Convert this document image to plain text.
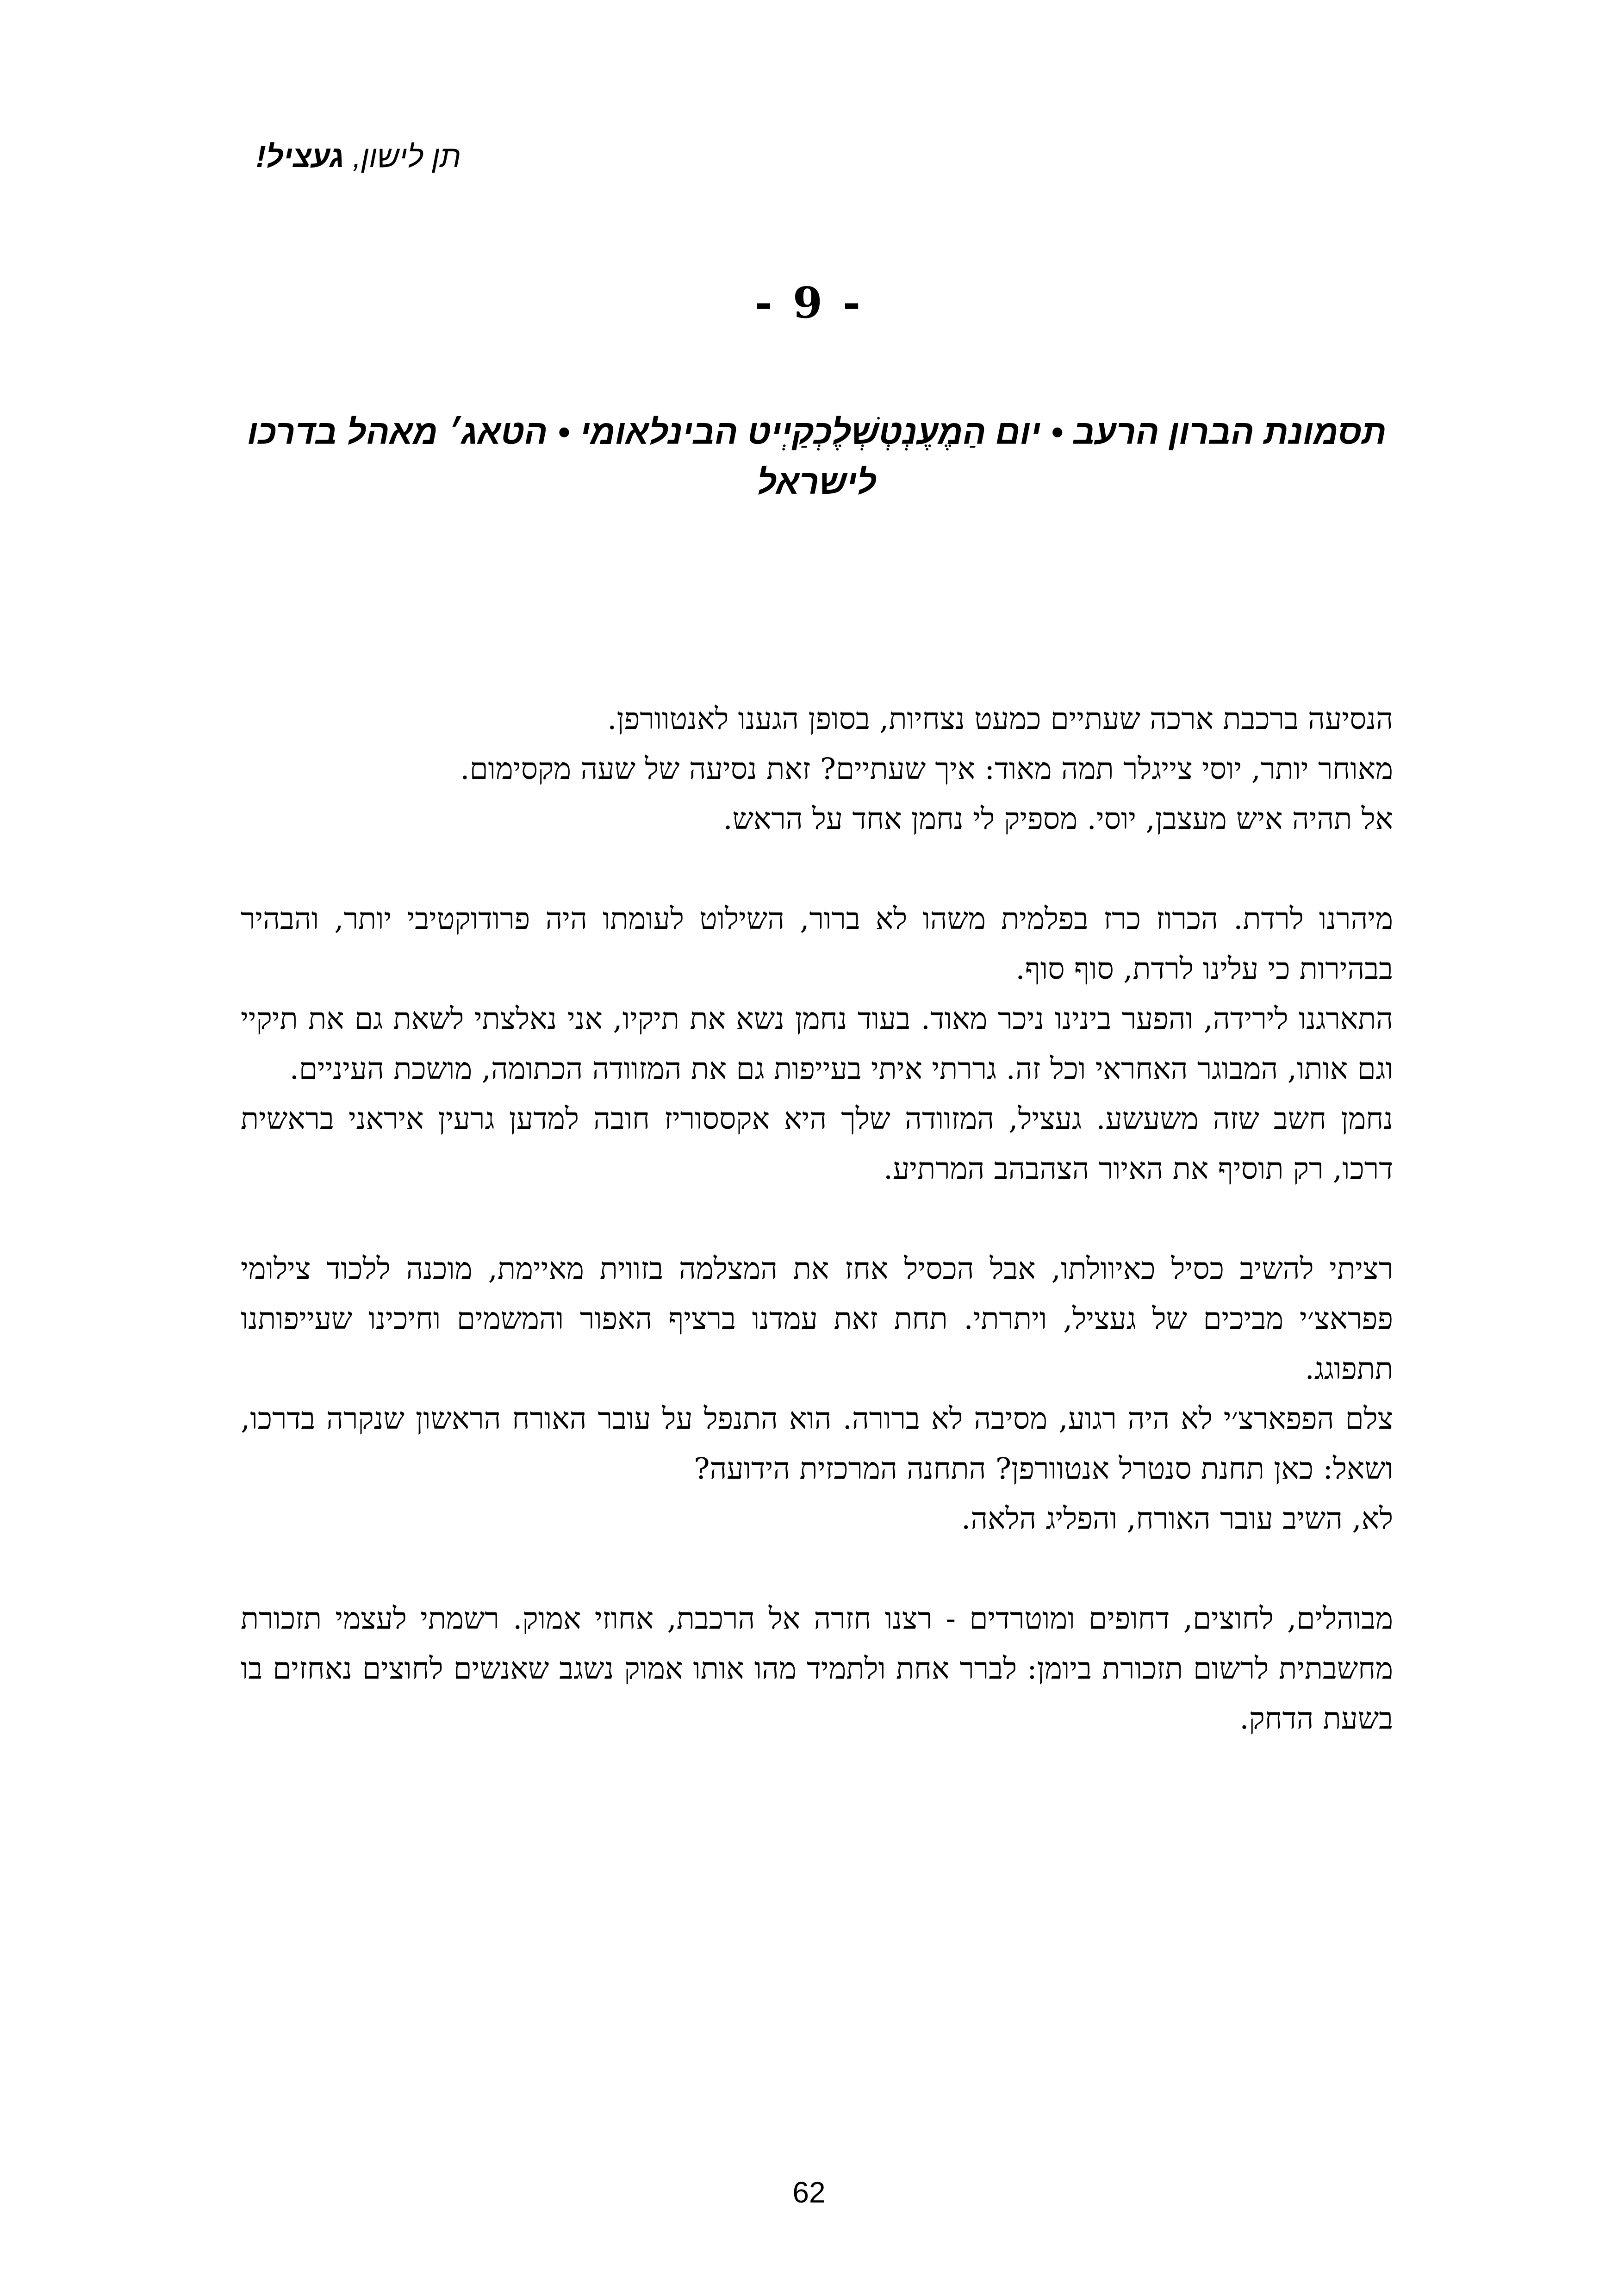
תן לישון, געציל!
- 9 -
תסמונת הברון הרעב•יום הַמֶעֶנְטְשְׁלֶכְקַיְיט הבינלאומי•הטאג׳ מאהל בדרכו לישראל

הנסיעה ברכבת ארכה שעתיים כמעט נצחיות, בסופן הגענו לאנטוורפן.

מאוחר יותר, יוסי צייגלר תמה מאוד: איך שעתיים? זאת נסיעה של שעה מקסימום.

אל תהיה איש מעצבן, יוסי. מספיק לי נחמן אחד על הראש.

מיהרנו לרדת. הכרוז כרז בפלמית משהו לא ברור, השילוט לעומתו היה פרודוקטיבי יותר, והבהיר בבהירות כי עלינו לרדת, סוף סוף.

התארגנו לירידה, והפער בינינו ניכר מאוד. בעוד נחמן נשא את תיקיו, אני נאלצתי לשאת גם את תיקיי וגם אותו, המבוגר האחראי וכל זה. גררתי איתי בעייפות גם את המזוודה הכתומה, מושכת העיניים.

נחמן חשב שזה משעשע. געציל, המזוודה שלך היא אקססוריז חובה למדען גרעין איראני בראשית דרכו, רק תוסיף את האיור הצהבהב המרתיע.

רציתי להשיב כסיל כאיוולתו, אבל הכסיל אחז את המצלמה בזווית מאיימת, מוכנה ללכוד צילומי פפראצ׳י מביכים של געציל, ויתרתי. תחת זאת עמדנו ברציף האפור והמשמים וחיכינו שעייפותנו תתפוגג.

צלם הפפארצ׳י לא היה רגוע, מסיבה לא ברורה. הוא התנפל על עובר האורח הראשון שנקרה בדרכו, ושאל: כאן תחנת סנטרל אנטוורפן? התחנה המרכזית הידועה?

לא, השיב עובר האורח, והפליג הלאה.

מבוהלים, לחוצים, דחופים ומוטרדים - רצנו חזרה אל הרכבת, אחוזי אמוק. רשמתי לעצמי תזכורת מחשבתית לרשום תזכורת ביומן: לברר אחת ולתמיד מהו אותו אמוק נשגב שאנשים לחוצים נאחזים בו בשעת הדחק.

62
